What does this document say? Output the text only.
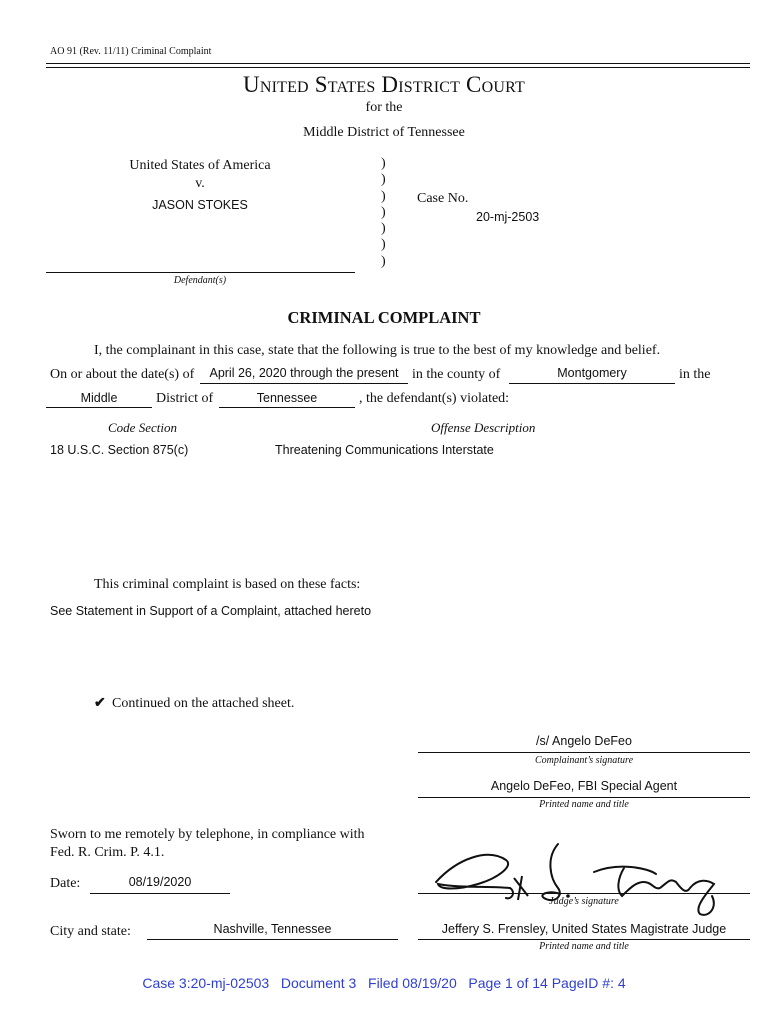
AO 91 (Rev. 11/11) Criminal Complaint
United States District Court
for the
Middle District of Tennessee
United States of America
v.
JASON STOKES
Defendant(s)
)
)
)
)
)
)
)
Case No.
20-mj-2503
CRIMINAL COMPLAINT
I, the complainant in this case, state that the following is true to the best of my knowledge and belief.
On or about the date(s) of	April 26, 2020 through the present in the county of	Montgomery	in the
Middle	District of	Tennessee	, the defendant(s) violated:
Code Section	Offense Description
18 U.S.C. Section 875(c)	Threatening Communications Interstate
This criminal complaint is based on these facts:
See Statement in Support of a Complaint, attached hereto
✔ Continued on the attached sheet.
/s/ Angelo DeFeo
Complainant’s signature
Angelo DeFeo, FBI Special Agent
Printed name and title
Sworn to me remotely by telephone, in compliance with
Fed. R. Crim. P. 4.1.
Date:	08/19/2020
Judge’s signature
City and state:	Nashville, Tennessee	Jeffery S. Frensley, United States Magistrate Judge
Printed name and title
Case 3:20-mj-02503   Document 3   Filed 08/19/20   Page 1 of 14 PageID #: 4
